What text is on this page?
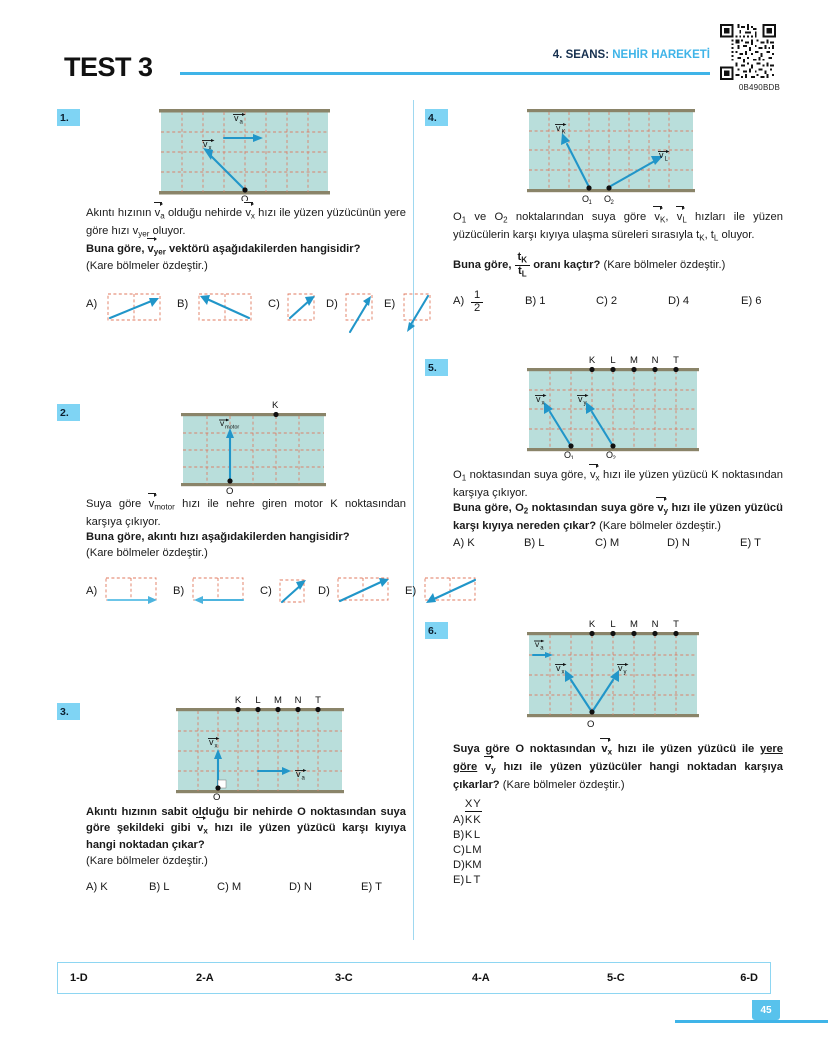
TEST 3	4. SEANS: NEHİR HAREKETİ
0B490BDB
1.	v a
v x
O
Akıntı hızının $v_a$ olduğu nehirde $v_x$ hızı ile yüzen yüzücünün yere göre hızı $v_{yer}$ oluyor.
Buna göre, $v_{yer}$ vektörü aşağıdakilerden hangisidir?
(Kare bölmeler özdeştir.)
A)	B)	C)	D)	E)
2.
K
O
v motor
Suya göre $v_{motor}$ hızı ile nehre giren motor K noktasından karşıya çıkıyor.
Buna göre, akıntı hızı aşağıdakilerden hangisidir?
(Kare bölmeler özdeştir.)
A)	B)	C)	D)	E)
3.
K L M N T
O
v x
v a
Akıntı hızının sabit olduğu bir nehirde O noktasından suya göre şekildeki gibi $v_x$ hızı ile yüzen yüzücü karşı kıyıya hangi noktadan çıkar?
(Kare bölmeler özdeştir.)
A) K	B) L	C) M	D) N	E) T
4.
O 1 O 2
v K
v L
$O_1$ ve $O_2$ noktalarından suya göre $v_K$, $v_L$ hızları ile yüzen yüzücülerin karşı kıyıya ulaşma süreleri sırasıyla $t_K$, $t_L$ oluyor.
Buna göre, $\frac{t_K}{t_L}$ oranı kaçtır? (Kare bölmeler özdeştir.)
$A) \frac{1}{2}$	B) 1	C) 2	D) 4	E) 6
5.
K L M N T
O 1	O 2
v x	v y
$O_1$ noktasından suya göre, $v_x$ hızı ile yüzen yüzücü K noktasından karşıya çıkıyor.
Buna göre, $O_2$ noktasından suya göre $v_y$ hızı ile yüzen yüzücü karşı kıyıya nereden çıkar? (Kare bölmeler özdeştir.)
A) K	B) L	C) M	D) N	E) T
6.	K L M N T
O
v a
v x	v y
Suya göre O noktasından $v_x$ hızı ile yüzen yüzücü ile yere göre $v_y$ hızı ile yüzen yüzücüler hangi noktadan karşıya çıkarlar? (Kare bölmeler özdeştir.)
	X		Y
A)	K		K
B)	K		L
C)	L		M
D)	K		M
E)	L		T
1-D	2-A	3-C	4-A	5-C	6-D
45
